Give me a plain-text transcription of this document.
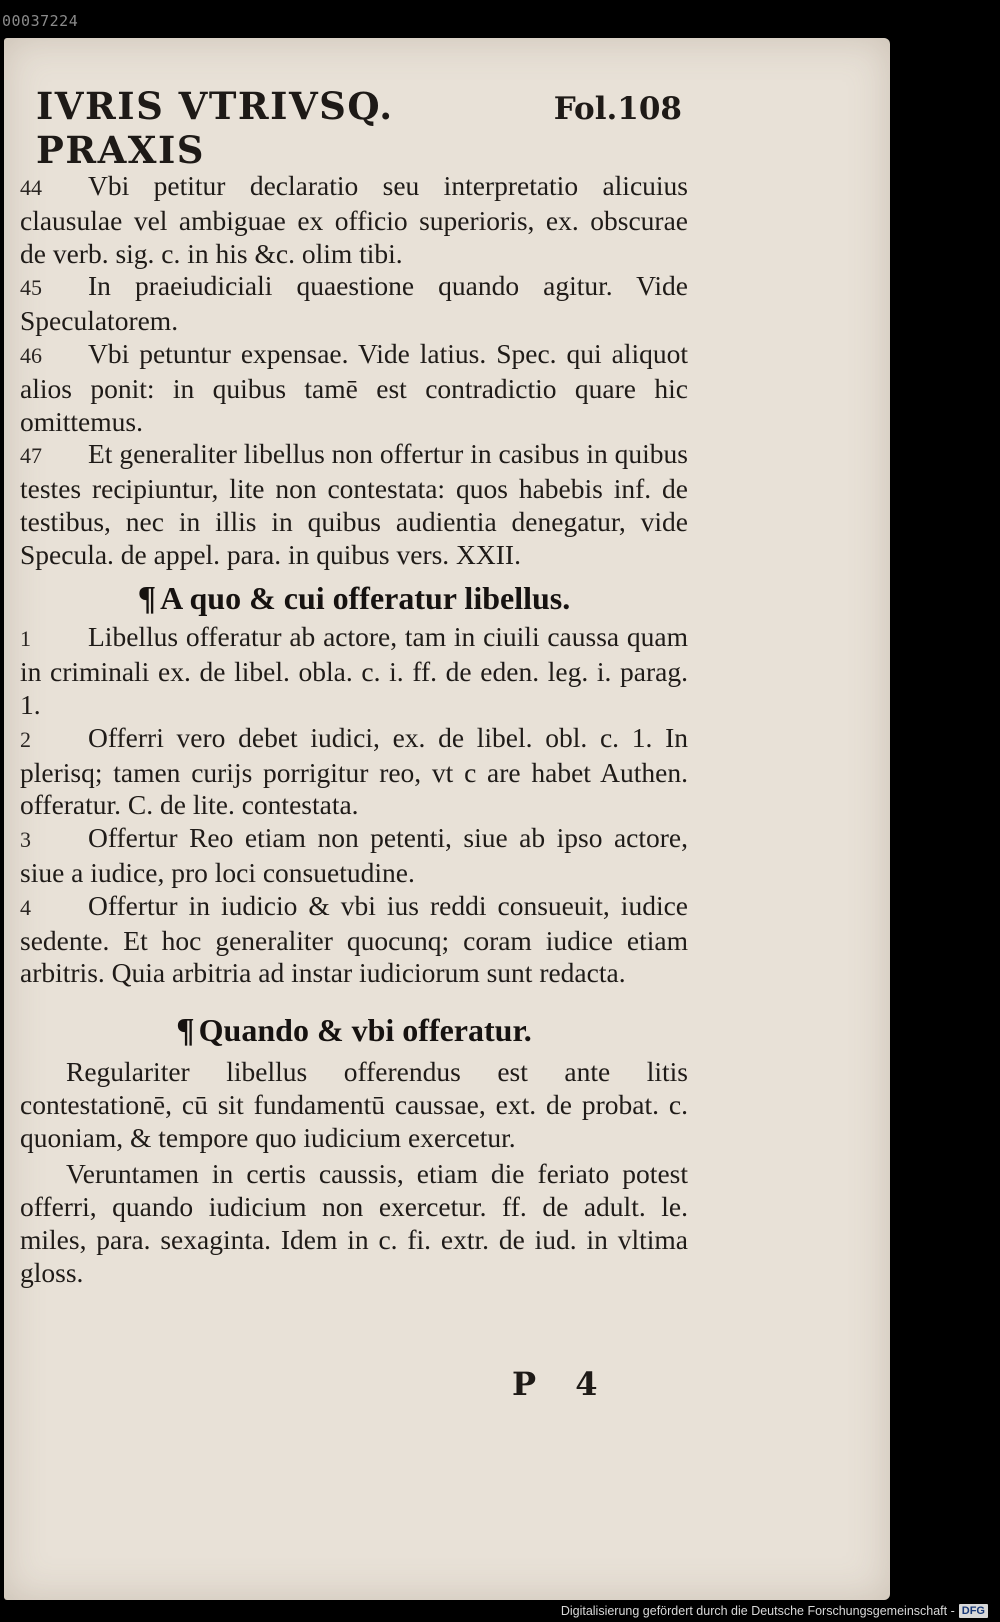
00037224
IVRIS VTRIVSQ. PRAXIS
Fol.108

44 Vbi petitur declaratio seu interpretatio alicuius clausulae vel ambiguae ex officio superioris, ex. obscurae de verb. sig. c. in his &c. olim tibi.

45 In praeiudiciali quaestione quando agitur. Vide Speculatorem.

46 Vbi petuntur expensae. Vide latius. Spec. qui aliquot alios ponit: in quibus tamē est contradictio quare hic omittemus.

47 Et generaliter libellus non offertur in casibus in quibus testes recipiuntur, lite non contestata: quos habebis inf. de testibus, nec in illis in quibus audientia denegatur, vide Specula. de appel. para. in quibus vers. XXII.

¶ A quo & cui offeratur libellus.

1 Libellus offeratur ab actore, tam in ciuili caussa quam in criminali ex. de libel. obla. c. i. ff. de eden. leg. i. parag. 1.

2 Offerri vero debet iudici, ex. de libel. obl. c. 1. In plerisq; tamen curijs porrigitur reo, vt c are habet Authen. offeratur. C. de lite. contestata.

3 Offertur Reo etiam non petenti, siue ab ipso actore, siue a iudice, pro loci consuetudine.

4 Offertur in iudicio & vbi ius reddi consueuit, iudice sedente. Et hoc generaliter quocunq; coram iudice etiam arbitris. Quia arbitria ad instar iudiciorum sunt redacta.

¶ Quando & vbi offeratur.

Regulariter libellus offerendus est ante litis contestationē, cū sit fundamentū caussae, ext. de probat. c. quoniam, & tempore quo iudicium exercetur.

Veruntamen in certis caussis, etiam die feriato potest offerri, quando iudicium non exercetur. ff. de adult. le. miles, para. sexaginta. Idem in c. fi. extr. de iud. in vltima gloss.

P 4
Digitalisierung gefördert durch die Deutsche Forschungsgemeinschaft - DFG
